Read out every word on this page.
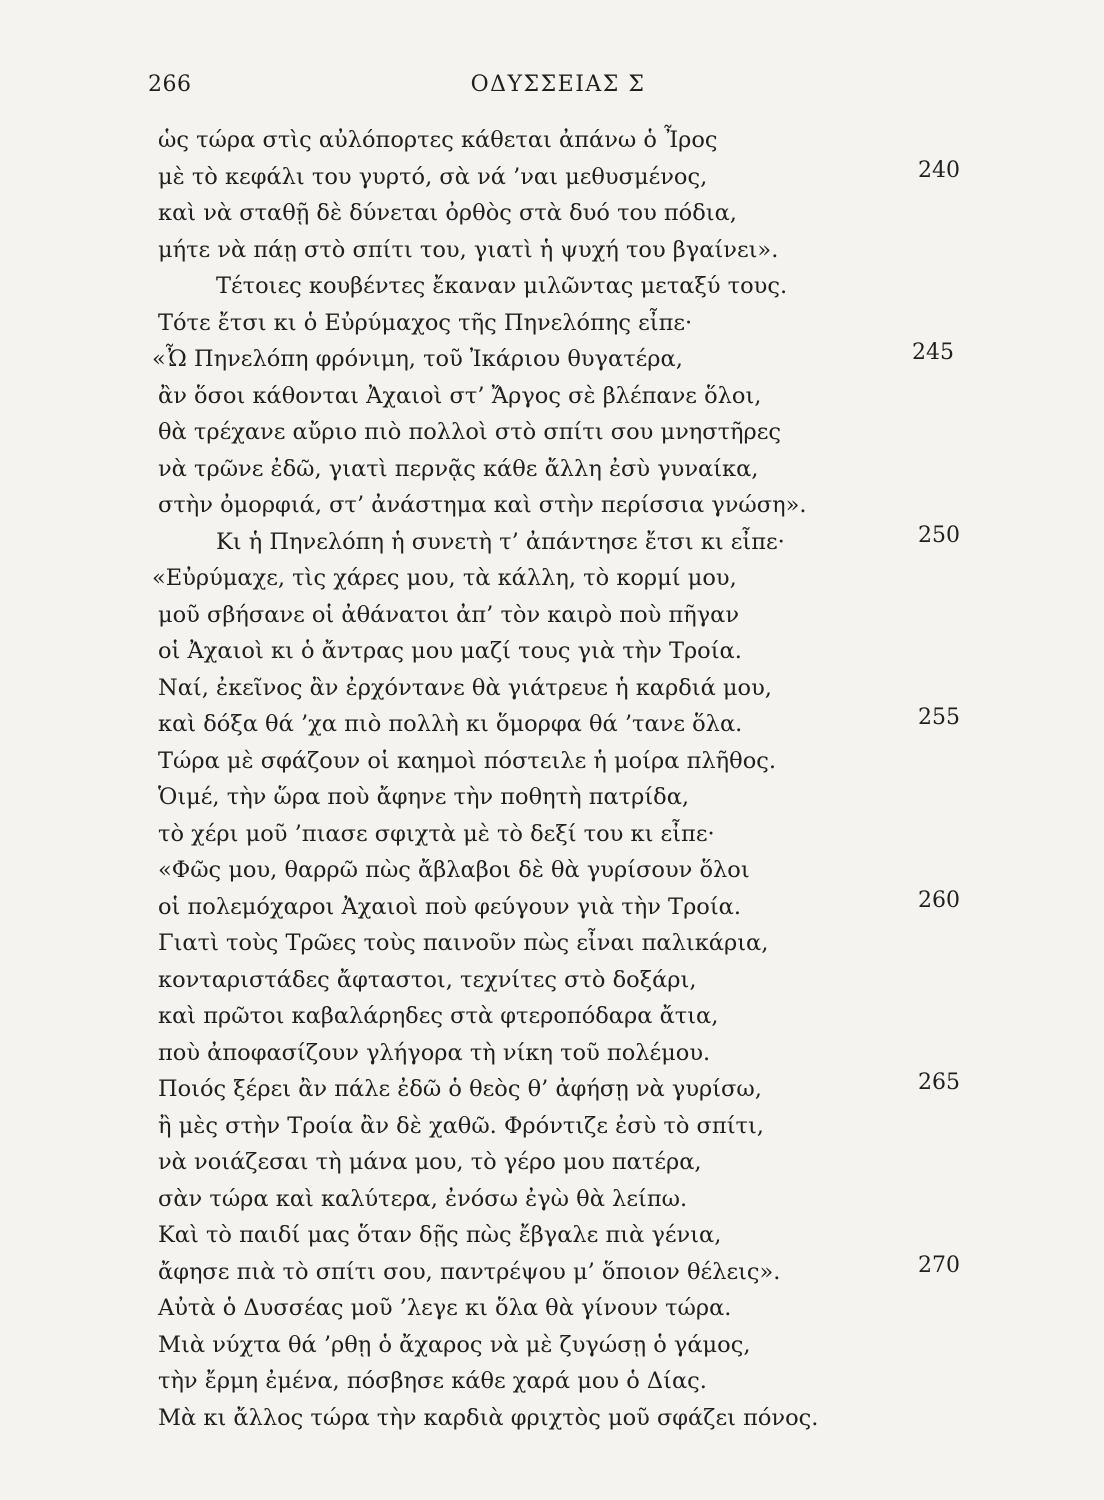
266	ΟΔΥΣΣΕΙΑΣ Σ
ὡς τώρα στὶς αὐλόπορτες κάθεται ἀπάνω ὁ Ἶρος
μὲ τὸ κεφάλι του γυρτό, σὰ νά ’ναι μεθυσμένος,	240
καὶ νὰ σταθῇ δὲ δύνεται ὀρθὸς στὰ δυό του πόδια,
μήτε νὰ πάῃ στὸ σπίτι του, γιατὶ ἡ ψυχή του βγαίνει».
Τέτοιες κουβέντες ἔκαναν μιλῶντας μεταξύ τους.
Τότε ἔτσι κι ὁ Εὐρύμαχος τῆς Πηνελόπης εἶπε·
«Ὦ Πηνελόπη φρόνιμη, τοῦ Ἰκάριου θυγατέρα,	245
ἂν ὅσοι κάθονται Ἀχαιοὶ στ’ Ἄργος σὲ βλέπανε ὅλοι,
θὰ τρέχανε αὔριο πιὸ πολλοὶ στὸ σπίτι σου μνηστῆρες
νὰ τρῶνε ἐδῶ, γιατὶ περνᾷς κάθε ἄλλη ἐσὺ γυναίκα,
στὴν ὀμορφιά, στ’ ἀνάστημα καὶ στὴν περίσσια γνώση».
Κι ἡ Πηνελόπη ἡ συνετὴ τ’ ἀπάντησε ἔτσι κι εἶπε·	250
«Εὐρύμαχε, τὶς χάρες μου, τὰ κάλλη, τὸ κορμί μου,
μοῦ σβήσανε οἱ ἀθάνατοι ἀπ’ τὸν καιρὸ ποὺ πῆγαν
οἱ Ἀχαιοὶ κι ὁ ἄντρας μου μαζί τους γιὰ τὴν Τροία.
Ναί, ἐκεῖνος ἂν ἐρχόντανε θὰ γιάτρευε ἡ καρδιά μου,
καὶ δόξα θά ’χα πιὸ πολλὴ κι ὅμορφα θά ’τανε ὅλα.	255
Τώρα μὲ σφάζουν οἱ καημοὶ πόστειλε ἡ μοίρα πλῆθος.
Ὁιμέ, τὴν ὥρα ποὺ ἄφηνε τὴν ποθητὴ πατρίδα,
τὸ χέρι μοῦ ’πιασε σφιχτὰ μὲ τὸ δεξί του κι εἶπε·
«Φῶς μου, θαρρῶ πὼς ἄβλαβοι δὲ θὰ γυρίσουν ὅλοι
οἱ πολεμόχαροι Ἀχαιοὶ ποὺ φεύγουν γιὰ τὴν Τροία.	260
Γιατὶ τοὺς Τρῶες τοὺς παινοῦν πὼς εἶναι παλικάρια,
κονταριστάδες ἄφταστοι, τεχνίτες στὸ δοξάρι,
καὶ πρῶτοι καβαλάρηδες στὰ φτεροπόδαρα ἄτια,
ποὺ ἀποφασίζουν γλήγορα τὴ νίκη τοῦ πολέμου.
Ποιός ξέρει ἂν πάλε ἐδῶ ὁ θεὸς θ’ ἀφήσῃ νὰ γυρίσω,	265
ἢ μὲς στὴν Τροία ἂν δὲ χαθῶ. Φρόντιζε ἐσὺ τὸ σπίτι,
νὰ νοιάζεσαι τὴ μάνα μου, τὸ γέρο μου πατέρα,
σὰν τώρα καὶ καλύτερα, ἐνόσω ἐγὼ θὰ λείπω.
Καὶ τὸ παιδί μας ὅταν δῇς πὼς ἔβγαλε πιὰ γένια,
ἄφησε πιὰ τὸ σπίτι σου, παντρέψου μ’ ὅποιον θέλεις».	270
Αὐτὰ ὁ Δυσσέας μοῦ ’λεγε κι ὅλα θὰ γίνουν τώρα.
Μιὰ νύχτα θά ’ρθῃ ὁ ἄχαρος νὰ μὲ ζυγώσῃ ὁ γάμος,
τὴν ἔρμη ἐμένα, πόσβησε κάθε χαρά μου ὁ Δίας.
Μὰ κι ἄλλος τώρα τὴν καρδιὰ φριχτὸς μοῦ σφάζει πόνος.
